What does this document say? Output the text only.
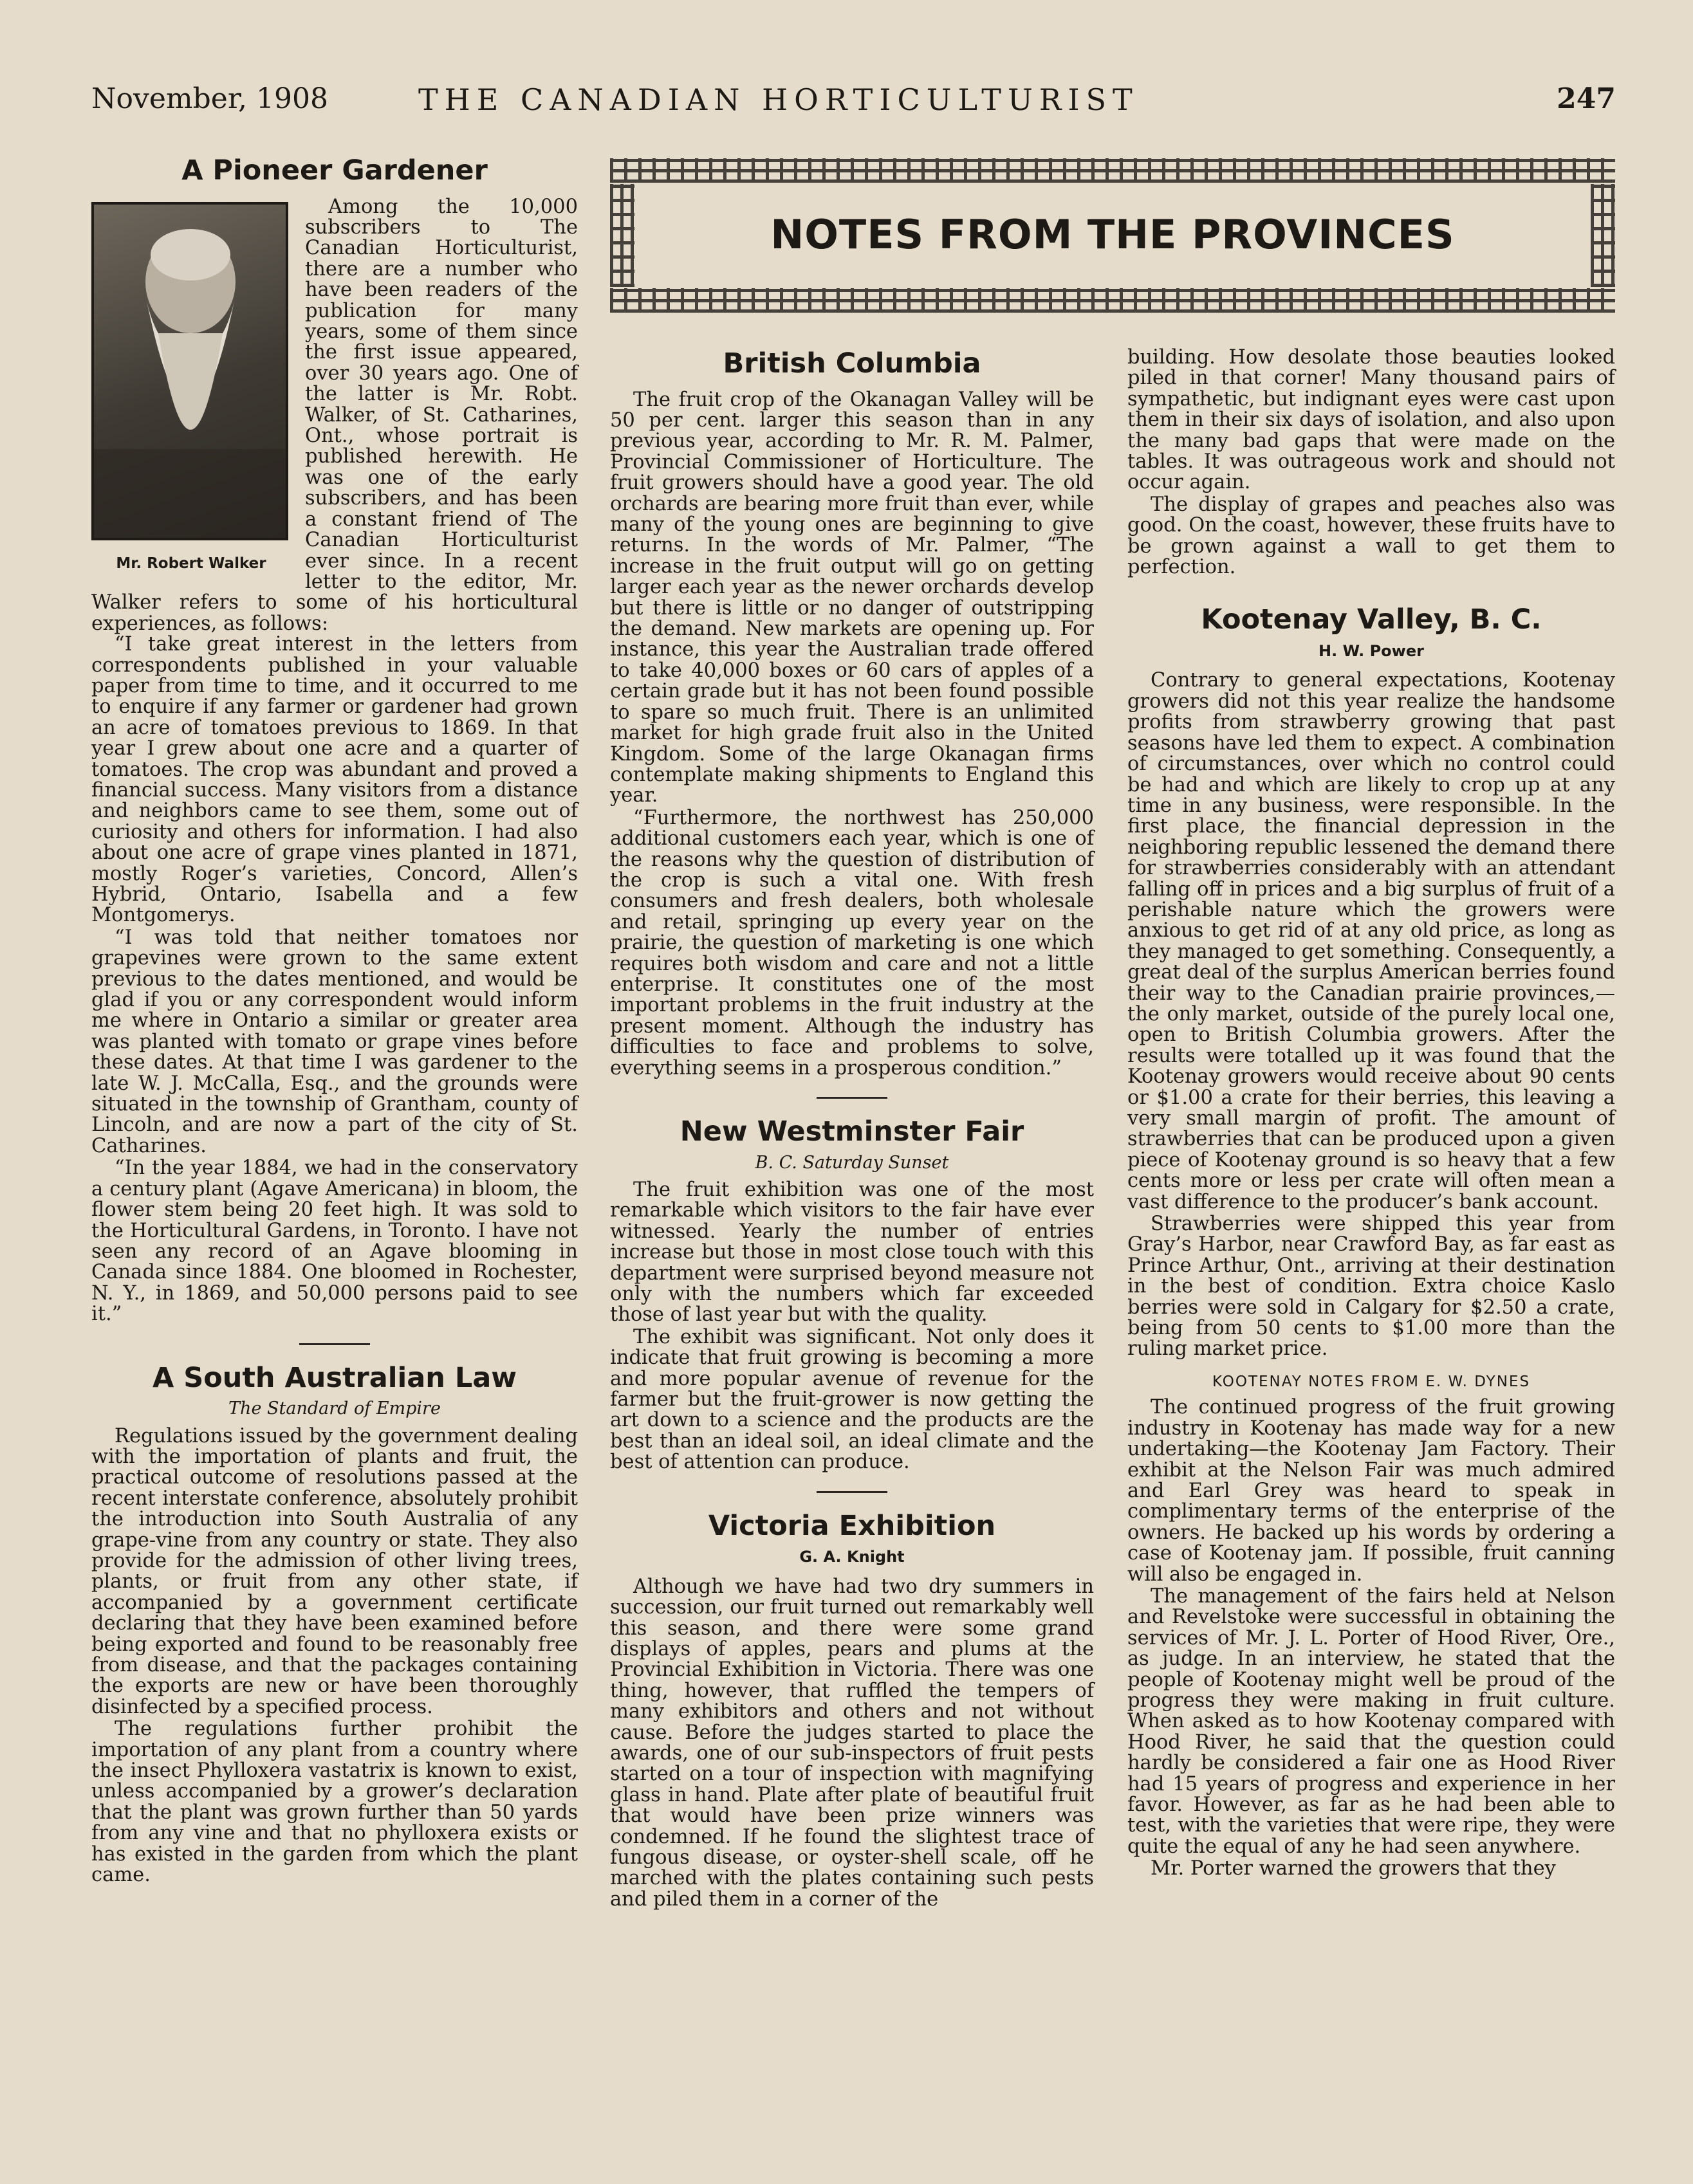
November, 1908	THE CANADIAN HORTICULTURIST	247
A Pioneer Gardener
Mr. Robert Walker

Among the 10,000 subscribers to The Canadian Horticulturist, there are a number who have been readers of the publication for many years, some of them since the first issue appeared, over 30 years ago. One of the latter is Mr. Robt. Walker, of St. Catharines, Ont., whose portrait is published herewith. He was one of the early subscribers, and has been a constant friend of The Canadian Horticulturist ever since. In a recent letter to the editor, Mr. Walker refers to some of his horticultural experiences, as follows:

“I take great interest in the letters from correspondents published in your valuable paper from time to time, and it occurred to me to enquire if any farmer or gardener had grown an acre of tomatoes previous to 1869. In that year I grew about one acre and a quarter of tomatoes. The crop was abundant and proved a financial success. Many visitors from a distance and neighbors came to see them, some out of curiosity and others for information. I had also about one acre of grape vines planted in 1871, mostly Roger’s varieties, Concord, Allen’s Hybrid, Ontario, Isabella and a few Montgomerys.

“I was told that neither tomatoes nor grapevines were grown to the same extent previous to the dates mentioned, and would be glad if you or any correspondent would inform me where in Ontario a similar or greater area was planted with tomato or grape vines before these dates. At that time I was gardener to the late W. J. McCalla, Esq., and the grounds were situated in the township of Grantham, county of Lincoln, and are now a part of the city of St. Catharines.

“In the year 1884, we had in the conservatory a century plant (Agave Americana) in bloom, the flower stem being 20 feet high. It was sold to the Horticultural Gardens, in Toronto. I have not seen any record of an Agave blooming in Canada since 1884. One bloomed in Rochester, N. Y., in 1869, and 50,000 persons paid to see it.”

A South Australian Law
The Standard of Empire

Regulations issued by the government dealing with the importation of plants and fruit, the practical outcome of resolutions passed at the recent interstate conference, absolutely prohibit the introduction into South Australia of any grape-vine from any country or state. They also provide for the admission of other living trees, plants, or fruit from any other state, if accompanied by a government certificate declaring that they have been examined before being exported and found to be reasonably free from disease, and that the packages containing the exports are new or have been thoroughly disinfected by a specified process.

The regulations further prohibit the importation of any plant from a country where the insect Phylloxera vastatrix is known to exist, unless accompanied by a grower’s declaration that the plant was grown further than 50 yards from any vine and that no phylloxera exists or has existed in the garden from which the plant came.

NOTES FROM THE PROVINCES
British Columbia

The fruit crop of the Okanagan Valley will be 50 per cent. larger this season than in any previous year, according to Mr. R. M. Palmer, Provincial Commissioner of Horticulture. The fruit growers should have a good year. The old orchards are bearing more fruit than ever, while many of the young ones are beginning to give returns. In the words of Mr. Palmer, “The increase in the fruit output will go on getting larger each year as the newer orchards develop but there is little or no danger of outstripping the demand. New markets are opening up. For instance, this year the Australian trade offered to take 40,000 boxes or 60 cars of apples of a certain grade but it has not been found possible to spare so much fruit. There is an unlimited market for high grade fruit also in the United Kingdom. Some of the large Okanagan firms contemplate making shipments to England this year.

“Furthermore, the northwest has 250,000 additional customers each year, which is one of the reasons why the question of distribution of the crop is such a vital one. With fresh consumers and fresh dealers, both wholesale and retail, springing up every year on the prairie, the question of marketing is one which requires both wisdom and care and not a little enterprise. It constitutes one of the most important problems in the fruit industry at the present moment. Although the industry has difficulties to face and problems to solve, everything seems in a prosperous condition.”

New Westminster Fair
B. C. Saturday Sunset

The fruit exhibition was one of the most remarkable which visitors to the fair have ever witnessed. Yearly the number of entries increase but those in most close touch with this department were surprised beyond measure not only with the numbers which far exceeded those of last year but with the quality.

The exhibit was significant. Not only does it indicate that fruit growing is becoming a more and more popular avenue of revenue for the farmer but the fruit-grower is now getting the art down to a science and the products are the best than an ideal soil, an ideal climate and the best of attention can produce.

Victoria Exhibition
G. A. Knight

Although we have had two dry summers in succession, our fruit turned out remarkably well this season, and there were some grand displays of apples, pears and plums at the Provincial Exhibition in Victoria. There was one thing, however, that ruffled the tempers of many exhibitors and others and not without cause. Before the judges started to place the awards, one of our sub-inspectors of fruit pests started on a tour of inspection with magnifying glass in hand. Plate after plate of beautiful fruit that would have been prize winners was condemned. If he found the slightest trace of fungous disease, or oyster-shell scale, off he marched with the plates containing such pests and piled them in a corner of the

building. How desolate those beauties looked piled in that corner! Many thousand pairs of sympathetic, but indignant eyes were cast upon them in their six days of isolation, and also upon the many bad gaps that were made on the tables. It was outrageous work and should not occur again.

The display of grapes and peaches also was good. On the coast, however, these fruits have to be grown against a wall to get them to perfection.

Kootenay Valley, B. C.
H. W. Power

Contrary to general expectations, Kootenay growers did not this year realize the handsome profits from strawberry growing that past seasons have led them to expect. A combination of circumstances, over which no control could be had and which are likely to crop up at any time in any business, were responsible. In the first place, the financial depression in the neighboring republic lessened the demand there for strawberries considerably with an attendant falling off in prices and a big surplus of fruit of a perishable nature which the growers were anxious to get rid of at any old price, as long as they managed to get something. Consequently, a great deal of the surplus American berries found their way to the Canadian prairie provinces,—the only market, outside of the purely local one, open to British Columbia growers. After the results were totalled up it was found that the Kootenay growers would receive about 90 cents or $1.00 a crate for their berries, this leaving a very small margin of profit. The amount of strawberries that can be produced upon a given piece of Kootenay ground is so heavy that a few cents more or less per crate will often mean a vast difference to the producer’s bank account.

Strawberries were shipped this year from Gray’s Harbor, near Crawford Bay, as far east as Prince Arthur, Ont., arriving at their destination in the best of condition. Extra choice Kaslo berries were sold in Calgary for $2.50 a crate, being from 50 cents to $1.00 more than the ruling market price.

KOOTENAY NOTES FROM E. W. DYNES

The continued progress of the fruit growing industry in Kootenay has made way for a new undertaking—the Kootenay Jam Factory. Their exhibit at the Nelson Fair was much admired and Earl Grey was heard to speak in complimentary terms of the enterprise of the owners. He backed up his words by ordering a case of Kootenay jam. If possible, fruit canning will also be engaged in.

The management of the fairs held at Nelson and Revelstoke were successful in obtaining the services of Mr. J. L. Porter of Hood River, Ore., as judge. In an interview, he stated that the people of Kootenay might well be proud of the progress they were making in fruit culture. When asked as to how Kootenay compared with Hood River, he said that the question could hardly be considered a fair one as Hood River had 15 years of progress and experience in her favor. However, as far as he had been able to test, with the varieties that were ripe, they were quite the equal of any he had seen anywhere.

Mr. Porter warned the growers that they
